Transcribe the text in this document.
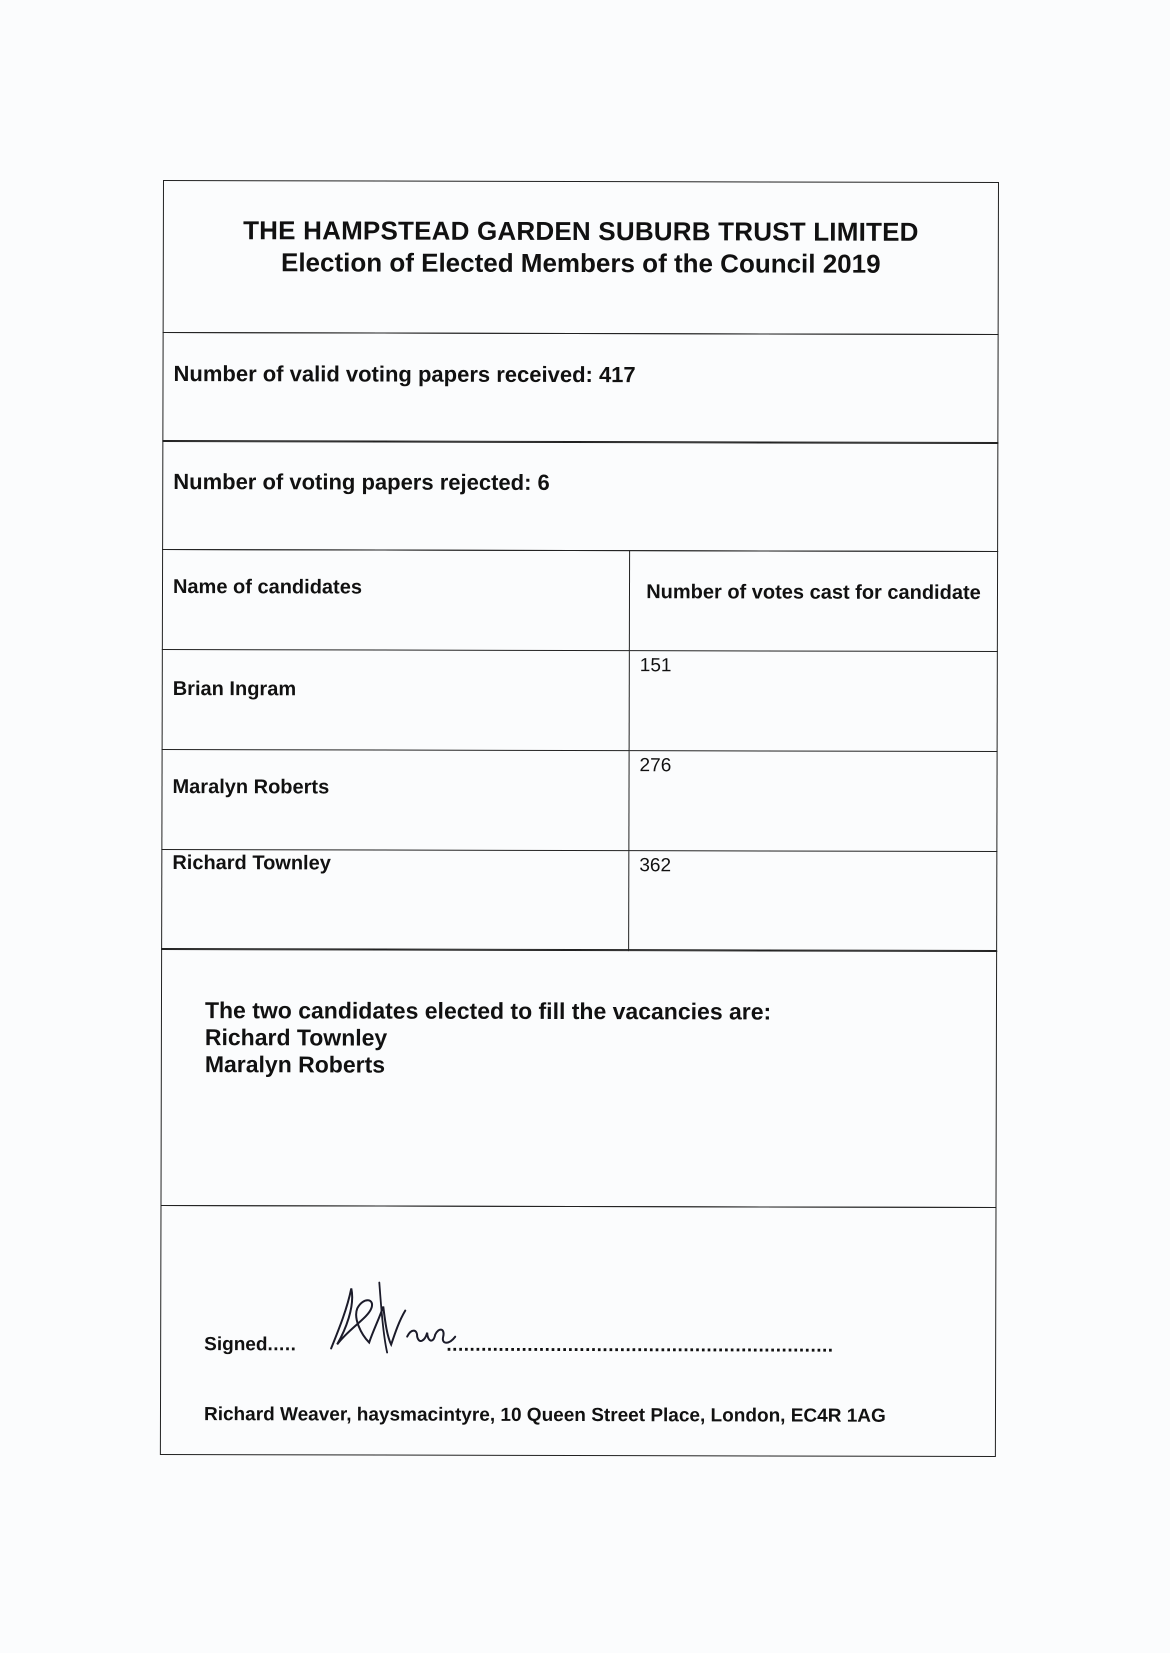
THE HAMPSTEAD GARDEN SUBURB TRUST LIMITED
Election of Elected Members of the Council 2019
Number of valid voting papers received: 417
Number of voting papers rejected: 6
Name of candidates	Number of votes cast for candidate

Brian Ingram	151

Maralyn Roberts	276

Richard Townley	362
The two candidates elected to fill the vacancies are:
Richard Townley
Maralyn Roberts
Signed.....	...................................................................
Richard Weaver, haysmacintyre, 10 Queen Street Place, London, EC4R 1AG
